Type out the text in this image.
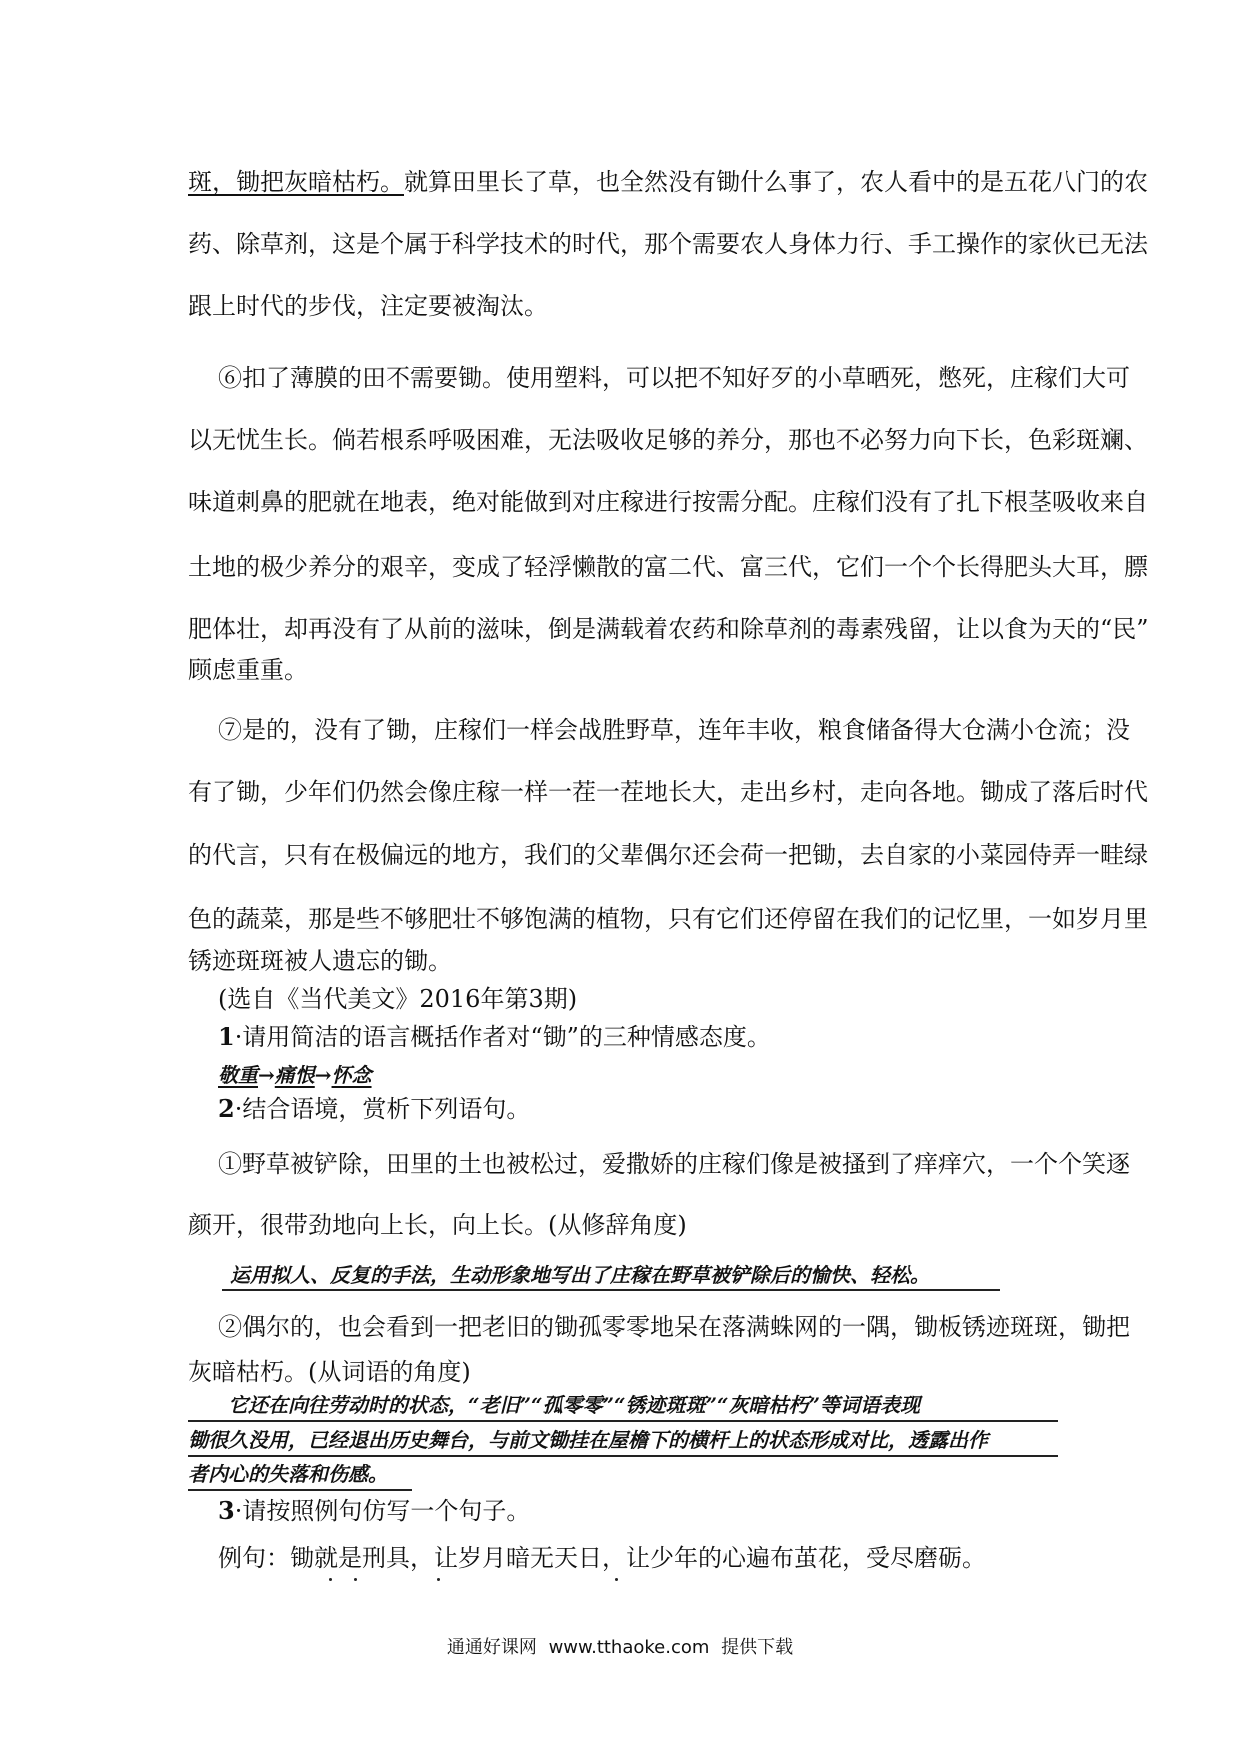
斑，锄把灰暗枯朽。就算田里长了草，也全然没有锄什么事了，农人看中的是五花八门的农
药、除草剂，这是个属于科学技术的时代，那个需要农人身体力行、手工操作的家伙已无法
跟上时代的步伐，注定要被淘汰。
⑥扣了薄膜的田不需要锄。使用塑料，可以把不知好歹的小草晒死，憋死，庄稼们大可
以无忧生长。倘若根系呼吸困难，无法吸收足够的养分，那也不必努力向下长，色彩斑斓、
味道刺鼻的肥就在地表，绝对能做到对庄稼进行按需分配。庄稼们没有了扎下根茎吸收来自
土地的极少养分的艰辛，变成了轻浮懒散的富二代、富三代，它们一个个长得肥头大耳，膘
肥体壮，却再没有了从前的滋味，倒是满载着农药和除草剂的毒素残留，让以食为天的“民”
顾虑重重。
⑦是的，没有了锄，庄稼们一样会战胜野草，连年丰收，粮食储备得大仓满小仓流；没
有了锄，少年们仍然会像庄稼一样一茬一茬地长大，走出乡村，走向各地。锄成了落后时代
的代言，只有在极偏远的地方，我们的父辈偶尔还会荷一把锄，去自家的小菜园侍弄一畦绿
色的蔬菜，那是些不够肥壮不够饱满的植物，只有它们还停留在我们的记忆里，一如岁月里
锈迹斑斑被人遗忘的锄。
(选自《当代美文》2016年第3期)
1·请用简洁的语言概括作者对“锄”的三种情感态度。
敬重→痛恨→怀念
2·结合语境，赏析下列语句。
①野草被铲除，田里的土也被松过，爱撒娇的庄稼们像是被搔到了痒痒穴，一个个笑逐
颜开，很带劲地向上长，向上长。(从修辞角度)
运用拟人、反复的手法，生动形象地写出了庄稼在野草被铲除后的愉快、轻松。
②偶尔的，也会看到一把老旧的锄孤零零地呆在落满蛛网的一隅，锄板锈迹斑斑，锄把
灰暗枯朽。(从词语的角度)
它还在向往劳动时的状态，“老旧”“孤零零”“锈迹斑斑”“灰暗枯朽”等词语表现
锄很久没用，已经退出历史舞台，与前文锄挂在屋檐下的横杆上的状态形成对比，透露出作
者内心的失落和伤感。
3·请按照例句仿写一个句子。
例句：锄就是刑具，让岁月暗无天日，让少年的心遍布茧花，受尽磨砺。
通通好课网 www.tthaoke.com 提供下载
